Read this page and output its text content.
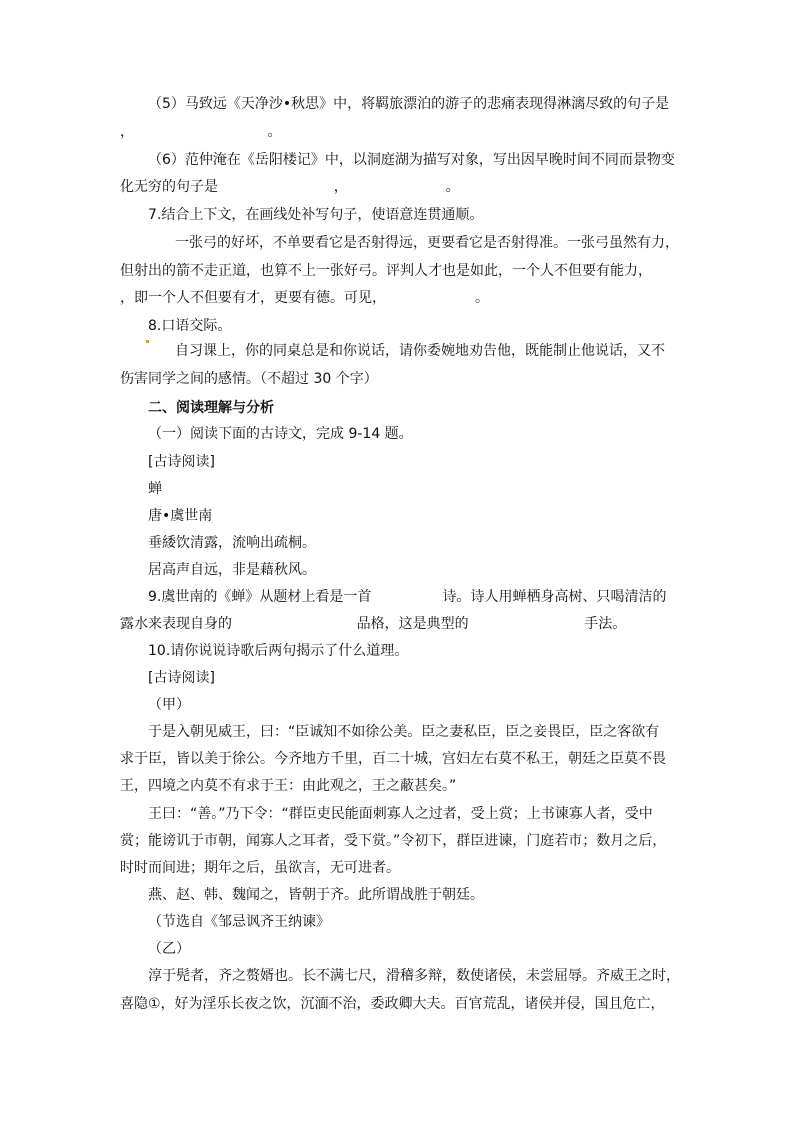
（5）马致远《天净沙•秋思》中，将羁旅漂泊的游子的悲痛表现得淋漓尽致的句子是
，                              。
（6）范仲淹在《岳阳楼记》中，以洞庭湖为描写对象，写出因早晚时间不同而景物变
化无穷的句子是                          ，                      。
7.结合上下文，在画线处补写句子，使语意连贯通顺。
一张弓的好坏，不单要看它是否射得远，更要看它是否射得准。一张弓虽然有力，
但射出的箭不走正道，也算不上一张好弓。评判人才也是如此，一个人不但要有能力，
，即一个人不但要有才，更要有德。可见，                    。
8.口语交际。
自习课上，你的同桌总是和你说话，请你委婉地劝告他，既能制止他说话，又不
伤害同学之间的感情。（不超过 30 个字）
二、阅读理解与分析
（一）阅读下面的古诗文，完成 9-14 题。
[古诗阅读]
蝉
唐•虞世南
垂緌饮清露，流响出疏桐。
居高声自远，非是藉秋风。
9.虞世南的《蝉》从题材上看是一首                诗。诗人用蝉栖身高树、只喝清洁的
露水来表现自身的                            品格，这是典型的                          手法。
10.请你说说诗歌后两句揭示了什么道理。
[古诗阅读]
（甲）
于是入朝见威王，曰：“臣诚知不如徐公美。臣之妻私臣，臣之妾畏臣，臣之客欲有
求于臣，皆以美于徐公。今齐地方千里，百二十城，宫妇左右莫不私王，朝廷之臣莫不畏
王，四境之内莫不有求于王：由此观之，王之蔽甚矣。”
王曰：“善。”乃下令：“群臣吏民能面刺寡人之过者，受上赏；上书谏寡人者，受中
赏；能谤讥于市朝，闻寡人之耳者，受下赏。”令初下，群臣进谏，门庭若市；数月之后，
时时而间进；期年之后，虽欲言，无可进者。
燕、赵、韩、魏闻之，皆朝于齐。此所谓战胜于朝廷。
（节选自《邹忌讽齐王纳谏》
（乙）
淳于髡者，齐之赘婿也。长不满七尺，滑稽多辩，数使诸侯，未尝屈辱。齐威王之时，
喜隐①，好为淫乐长夜之饮，沉湎不治，委政卿大夫。百官荒乱，诸侯并侵，国且危亡，
